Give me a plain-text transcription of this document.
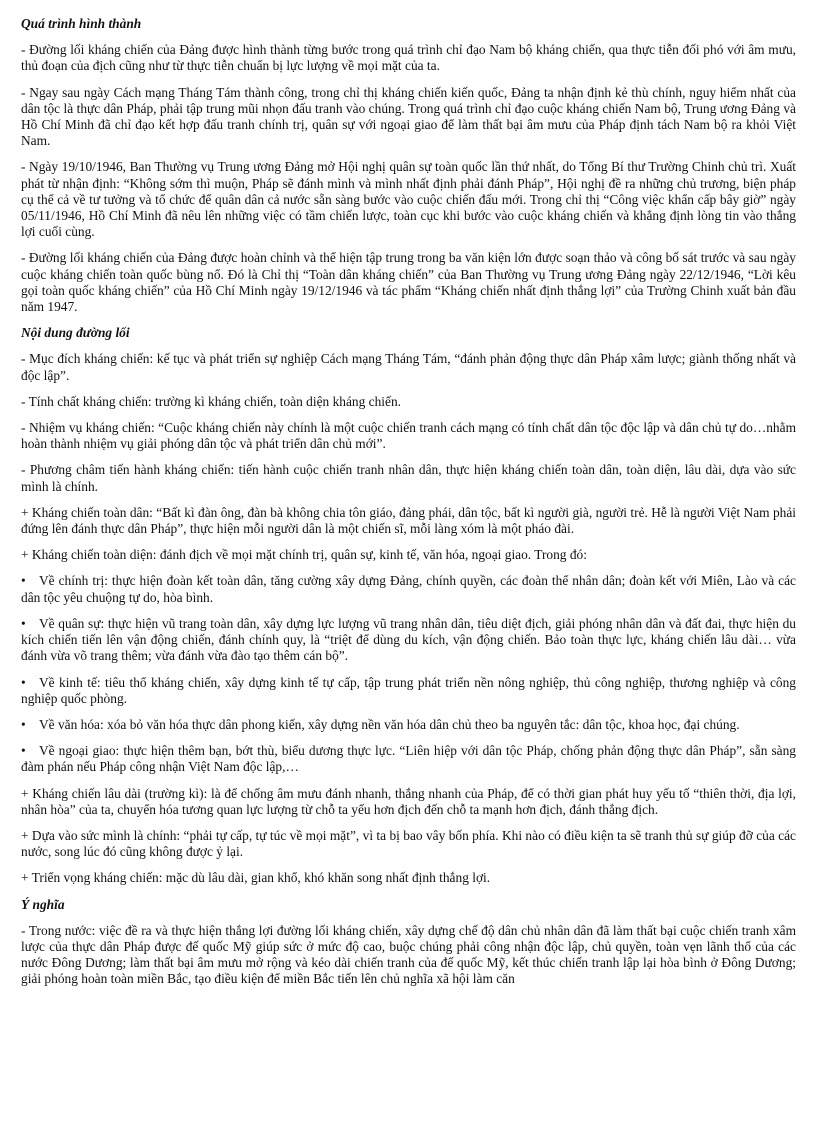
Quá trình hình thành
- Đường lối kháng chiến của Đảng được hình thành từng bước trong quá trình chỉ đạo Nam bộ kháng chiến, qua thực tiễn đối phó với âm mưu, thủ đoạn của địch cũng như từ thực tiễn chuẩn bị lực lượng về mọi mặt của ta.
- Ngay sau ngày Cách mạng Tháng Tám thành công, trong chỉ thị kháng chiến kiến quốc, Đảng ta nhận định kẻ thù chính, nguy hiểm nhất của dân tộc là thực dân Pháp, phải tập trung mũi nhọn đấu tranh vào chúng. Trong quá trình chỉ đạo cuộc kháng chiến Nam bộ, Trung ương Đảng và Hồ Chí Minh đã chỉ đạo kết hợp đấu tranh chính trị, quân sự với ngoại giao để làm thất bại âm mưu của Pháp định tách Nam bộ ra khỏi Việt Nam.
- Ngày 19/10/1946, Ban Thường vụ Trung ương Đảng mở Hội nghị quân sự toàn quốc lần thứ nhất, do Tổng Bí thư Trường Chinh chủ trì. Xuất phát từ nhận định: “Không sớm thì muộn, Pháp sẽ đánh mình và mình nhất định phải đánh Pháp”, Hội nghị đề ra những chủ trương, biện pháp cụ thể cả về tư tưởng và tổ chức để quân dân cả nước sẵn sàng bước vào cuộc chiến đấu mới. Trong chỉ thị “Công việc khẩn cấp bây giờ” ngày 05/11/1946, Hồ Chí Minh đã nêu lên những việc có tầm chiến lược, toàn cục khi bước vào cuộc kháng chiến và khẳng định lòng tin vào thắng lợi cuối cùng.
- Đường lối kháng chiến của Đảng được hoàn chỉnh và thể hiện tập trung trong ba văn kiện lớn được soạn thảo và công bố sát trước và sau ngày cuộc kháng chiến toàn quốc bùng nổ. Đó là Chỉ thị “Toàn dân kháng chiến” của Ban Thường vụ Trung ương Đảng ngày 22/12/1946, “Lời kêu gọi toàn quốc kháng chiến” của Hồ Chí Minh ngày 19/12/1946 và tác phẩm “Kháng chiến nhất định thắng lợi” của Trường Chinh xuất bản đầu năm 1947.
Nội dung đường lối
- Mục đích kháng chiến: kế tục và phát triển sự nghiệp Cách mạng Tháng Tám, “đánh phản động thực dân Pháp xâm lược; giành thống nhất và độc lập”.
- Tính chất kháng chiến: trường kì kháng chiến, toàn diện kháng chiến.
- Nhiệm vụ kháng chiến: “Cuộc kháng chiến này chính là một cuộc chiến tranh cách mạng có tính chất dân tộc độc lập và dân chủ tự do…nhằm hoàn thành nhiệm vụ giải phóng dân tộc và phát triển dân chủ mới”.
- Phương châm tiến hành kháng chiến: tiến hành cuộc chiến tranh nhân dân, thực hiện kháng chiến toàn dân, toàn diện, lâu dài, dựa vào sức mình là chính.
+ Kháng chiến toàn dân: “Bất kì đàn ông, đàn bà không chia tôn giáo, đảng phái, dân tộc, bất kì người già, người trẻ. Hễ là người Việt Nam phải đứng lên đánh thực dân Pháp”, thực hiện mỗi người dân là một chiến sĩ, mỗi làng xóm là một pháo đài.
+ Kháng chiến toàn diện: đánh địch về mọi mặt chính trị, quân sự, kinh tế, văn hóa, ngoại giao. Trong đó:
• Về chính trị: thực hiện đoàn kết toàn dân, tăng cường xây dựng Đảng, chính quyền, các đoàn thể nhân dân; đoàn kết với Miên, Lào và các dân tộc yêu chuộng tự do, hòa bình.
• Về quân sự: thực hiện vũ trang toàn dân, xây dựng lực lượng vũ trang nhân dân, tiêu diệt địch, giải phóng nhân dân và đất đai, thực hiện du kích chiến tiến lên vận động chiến, đánh chính quy, là “triệt để dùng du kích, vận động chiến. Bảo toàn thực lực, kháng chiến lâu dài… vừa đánh vừa võ trang thêm; vừa đánh vừa đào tạo thêm cán bộ”.
• Về kinh tế: tiêu thổ kháng chiến, xây dựng kinh tế tự cấp, tập trung phát triển nền nông nghiệp, thủ công nghiệp, thương nghiệp và công nghiệp quốc phòng.
• Về văn hóa: xóa bỏ văn hóa thực dân phong kiến, xây dựng nền văn hóa dân chủ theo ba nguyên tắc: dân tộc, khoa học, đại chúng.
• Về ngoại giao: thực hiện thêm bạn, bớt thù, biểu dương thực lực. “Liên hiệp với dân tộc Pháp, chống phản động thực dân Pháp”, sẵn sàng đàm phán nếu Pháp công nhận Việt Nam độc lập,…
+ Kháng chiến lâu dài (trường kì): là để chống âm mưu đánh nhanh, thắng nhanh của Pháp, để có thời gian phát huy yếu tố “thiên thời, địa lợi, nhân hòa” của ta, chuyển hóa tương quan lực lượng từ chỗ ta yếu hơn địch đến chỗ ta mạnh hơn địch, đánh thắng địch.
+ Dựa vào sức mình là chính: “phải tự cấp, tự túc về mọi mặt”, vì ta bị bao vây bốn phía. Khi nào có điều kiện ta sẽ tranh thủ sự giúp đỡ của các nước, song lúc đó cũng không được ỷ lại.
+ Triển vọng kháng chiến: mặc dù lâu dài, gian khổ, khó khăn song nhất định thắng lợi.
Ý nghĩa
- Trong nước: việc đề ra và thực hiện thắng lợi đường lối kháng chiến, xây dựng chế độ dân chủ nhân dân đã làm thất bại cuộc chiến tranh xâm lược của thực dân Pháp được đế quốc Mỹ giúp sức ở mức độ cao, buộc chúng phải công nhận độc lập, chủ quyền, toàn vẹn lãnh thổ của các nước Đông Dương; làm thất bại âm mưu mở rộng và kéo dài chiến tranh của đế quốc Mỹ, kết thúc chiến tranh lập lại hòa bình ở Đông Dương; giải phóng hoàn toàn miền Bắc, tạo điều kiện để miền Bắc tiến lên chủ nghĩa xã hội làm căn
